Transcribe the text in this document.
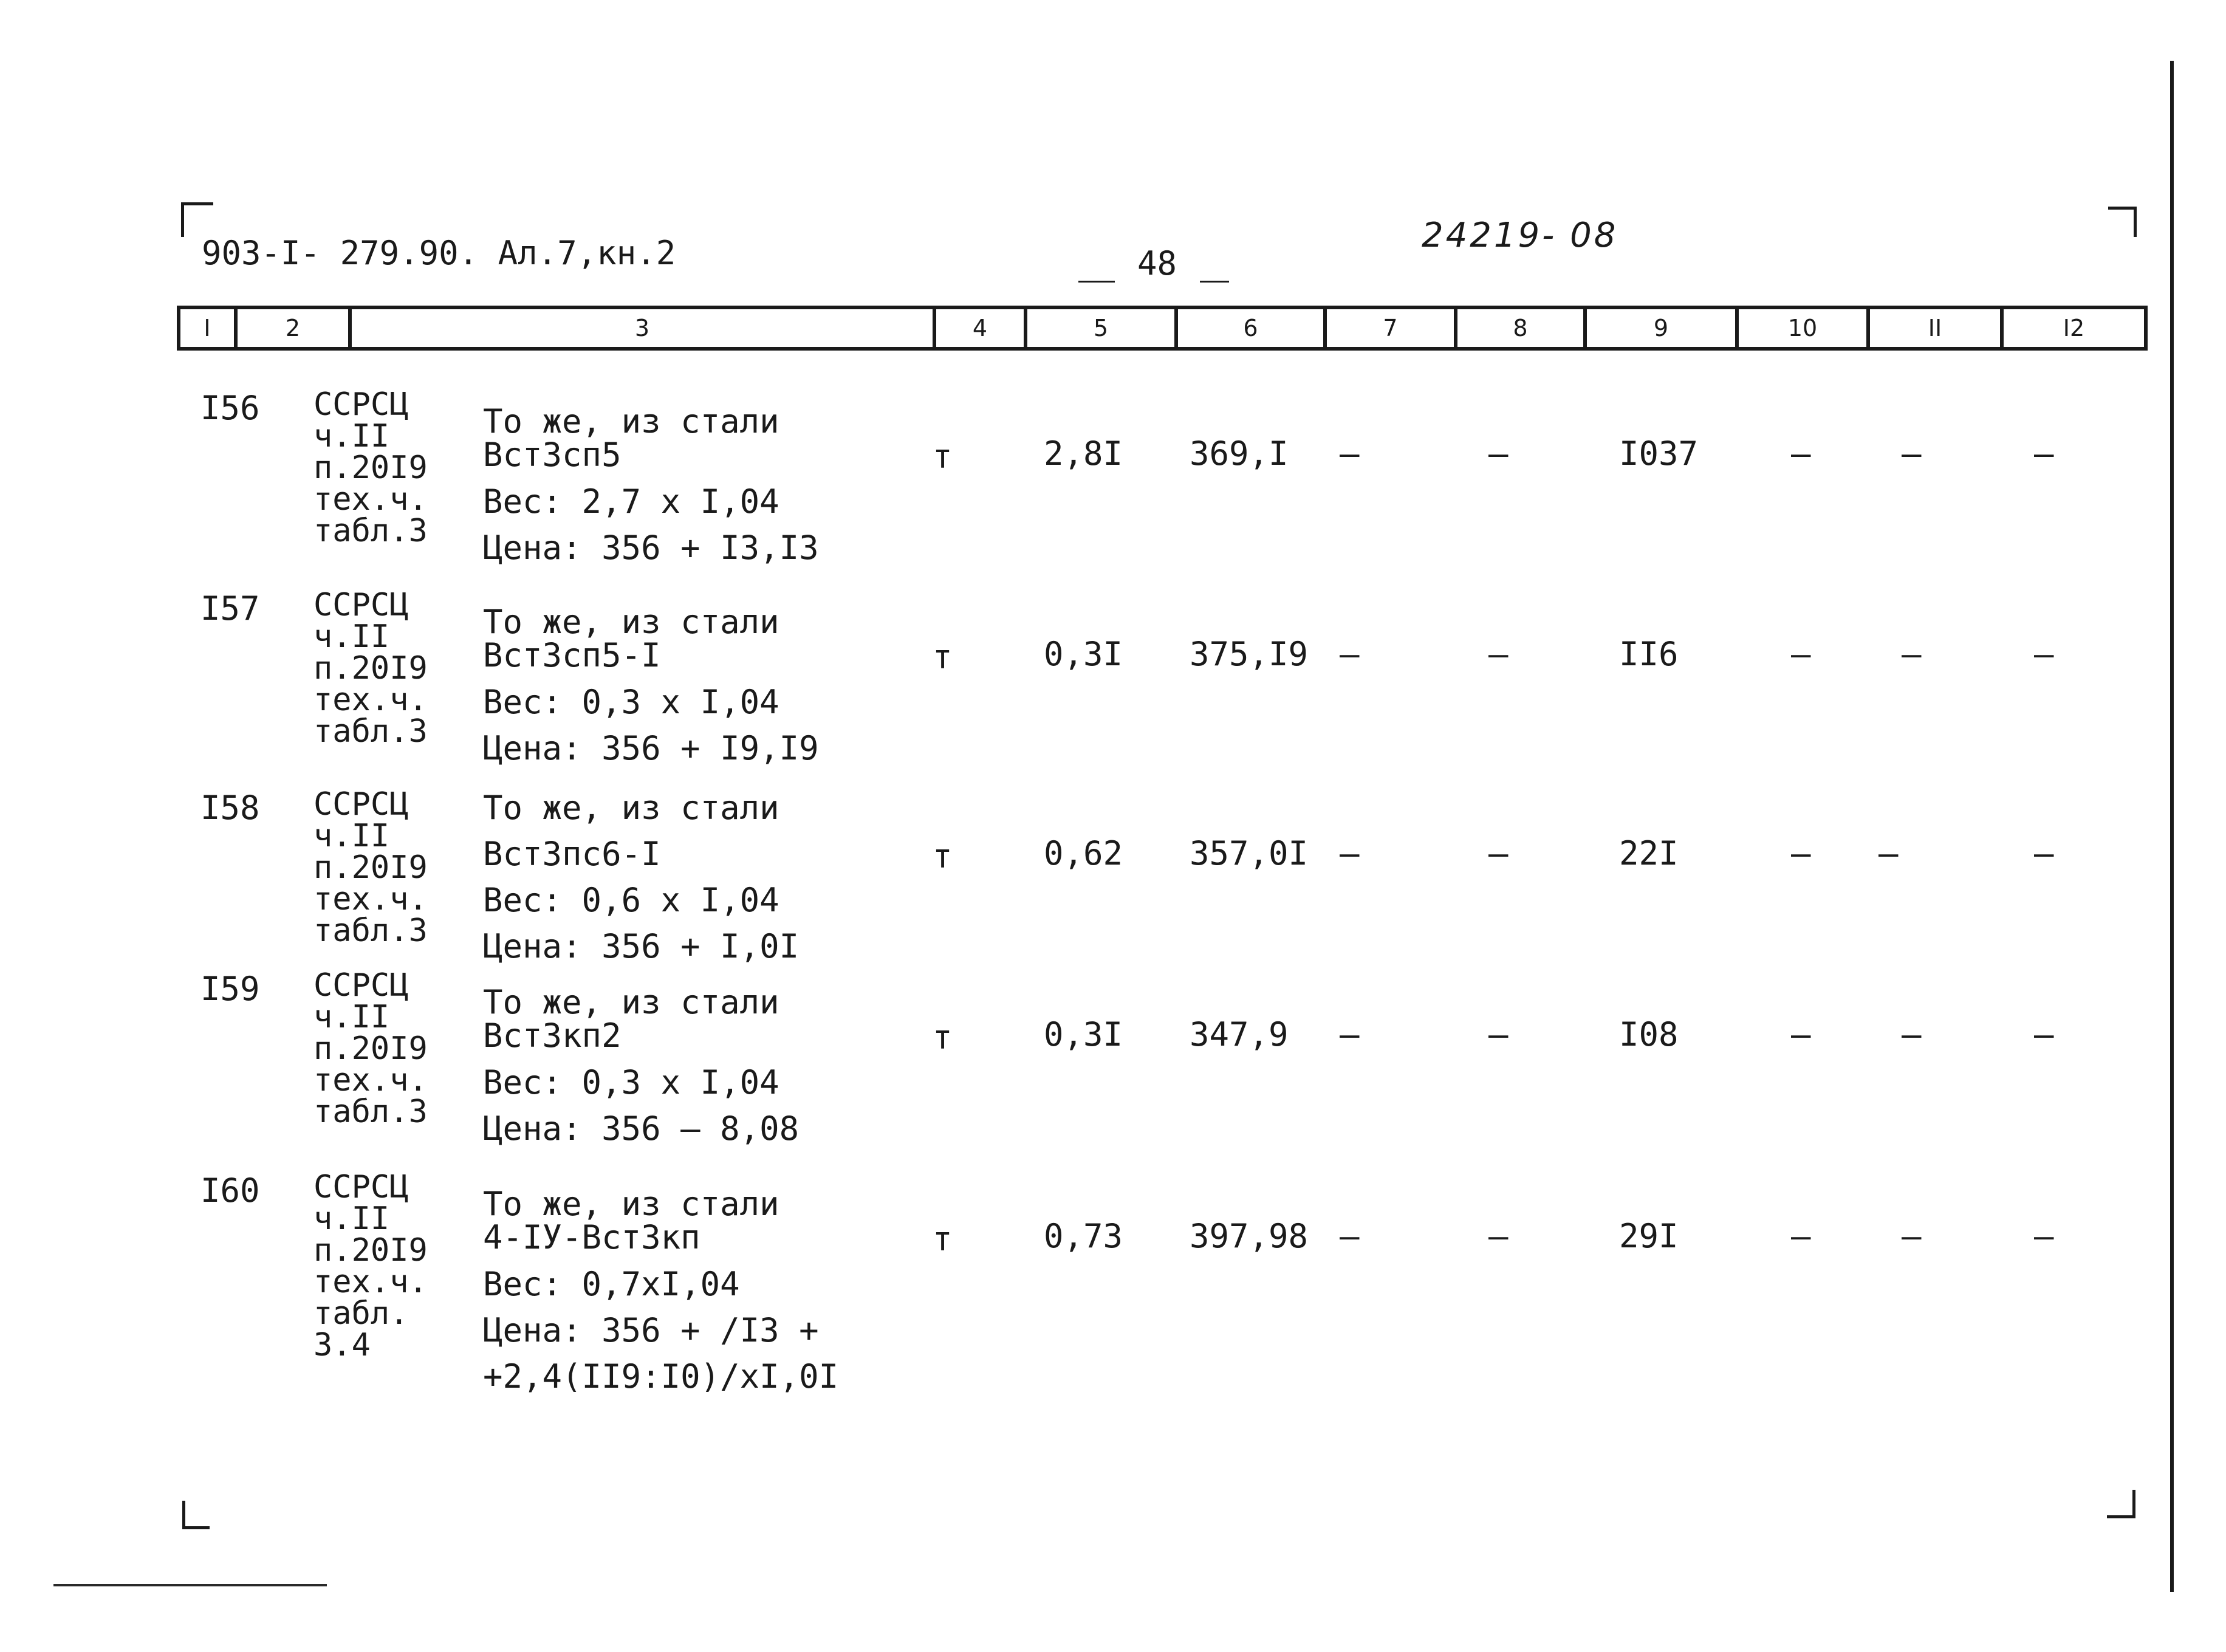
903-I- 279.90. Ал.7,кн.2	48
24219- 08
I	2	3	4	5	6	7	8	9	10	II	I2
I56 ССРСЦ
ч.II
п.20I9
тех.ч.
табл.3
То же, из стали
ВстЗсп5
Вес: 2,7 х I,04
Цена: 356 + I3,I3
т	2,8I 369,I –	–	I037	–	–	–
I57 ССРСЦ
ч.II
п.20I9
тех.ч.
табл.3
То же, из стали
ВстЗсп5-I
Вес: 0,3 х I,04
Цена: 356 + I9,I9
т	0,3I 375,I9 –	–	II6	–	–	–
I58 ССРСЦ
ч.II
п.20I9
тех.ч.
табл.3
То же, из стали
ВстЗпс6-I
Вес: 0,6 х I,04
Цена: 356 + I,0I
т	0,62 357,0I –	–	22I	– –	–
I59 ССРСЦ
ч.II
п.20I9
тех.ч.
табл.3
То же, из стали
ВстЗкп2
Вес: 0,3 х I,04
Цена: 356 – 8,08
т	0,3I 347,9 –	–	I08	–	–	–
I60 ССРСЦ
ч.II
п.20I9
тех.ч.
табл.
3.4
То же, из стали
4-IУ-ВстЗкп
Вес: 0,7хI,04
Цена: 356 + /I3 +
+2,4(II9:I0)/хI,0I
т	0,73 397,98 –	–	29I	–	–	–
